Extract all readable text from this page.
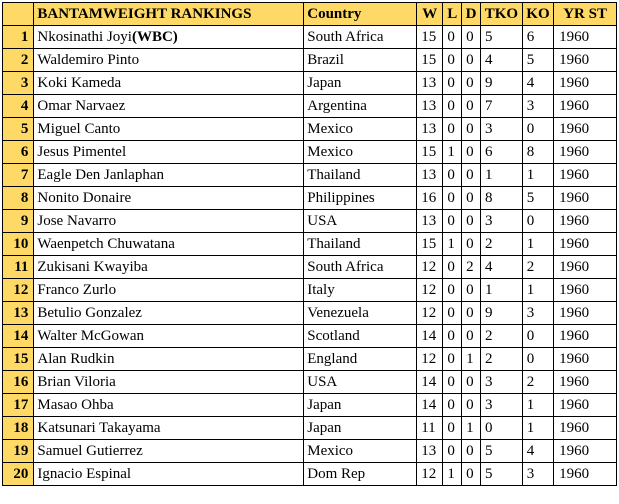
	BANTAMWEIGHT RANKINGS	Country	W	L	D	TKO	KO	YR ST
1	Nkosinathi Joyi(WBC)	South Africa	15	0	0	5	6	1960
2	Waldemiro Pinto	Brazil	15	0	0	4	5	1960
3	Koki Kameda	Japan	13	0	0	9	4	1960
4	Omar Narvaez	Argentina	13	0	0	7	3	1960
5	Miguel Canto	Mexico	13	0	0	3	0	1960
6	Jesus Pimentel	Mexico	15	1	0	6	8	1960
7	Eagle Den Janlaphan	Thailand	13	0	0	1	1	1960
8	Nonito Donaire	Philippines	16	0	0	8	5	1960
9	Jose Navarro	USA	13	0	0	3	0	1960
10	Waenpetch Chuwatana	Thailand	15	1	0	2	1	1960
11	Zukisani Kwayiba	South Africa	12	0	2	4	2	1960
12	Franco Zurlo	Italy	12	0	0	1	1	1960
13	Betulio Gonzalez	Venezuela	12	0	0	9	3	1960
14	Walter McGowan	Scotland	14	0	0	2	0	1960
15	Alan Rudkin	England	12	0	1	2	0	1960
16	Brian Viloria	USA	14	0	0	3	2	1960
17	Masao Ohba	Japan	14	0	0	3	1	1960
18	Katsunari Takayama	Japan	11	0	1	0	1	1960
19	Samuel Gutierrez	Mexico	13	0	0	5	4	1960
20	Ignacio Espinal	Dom Rep	12	1	0	5	3	1960
